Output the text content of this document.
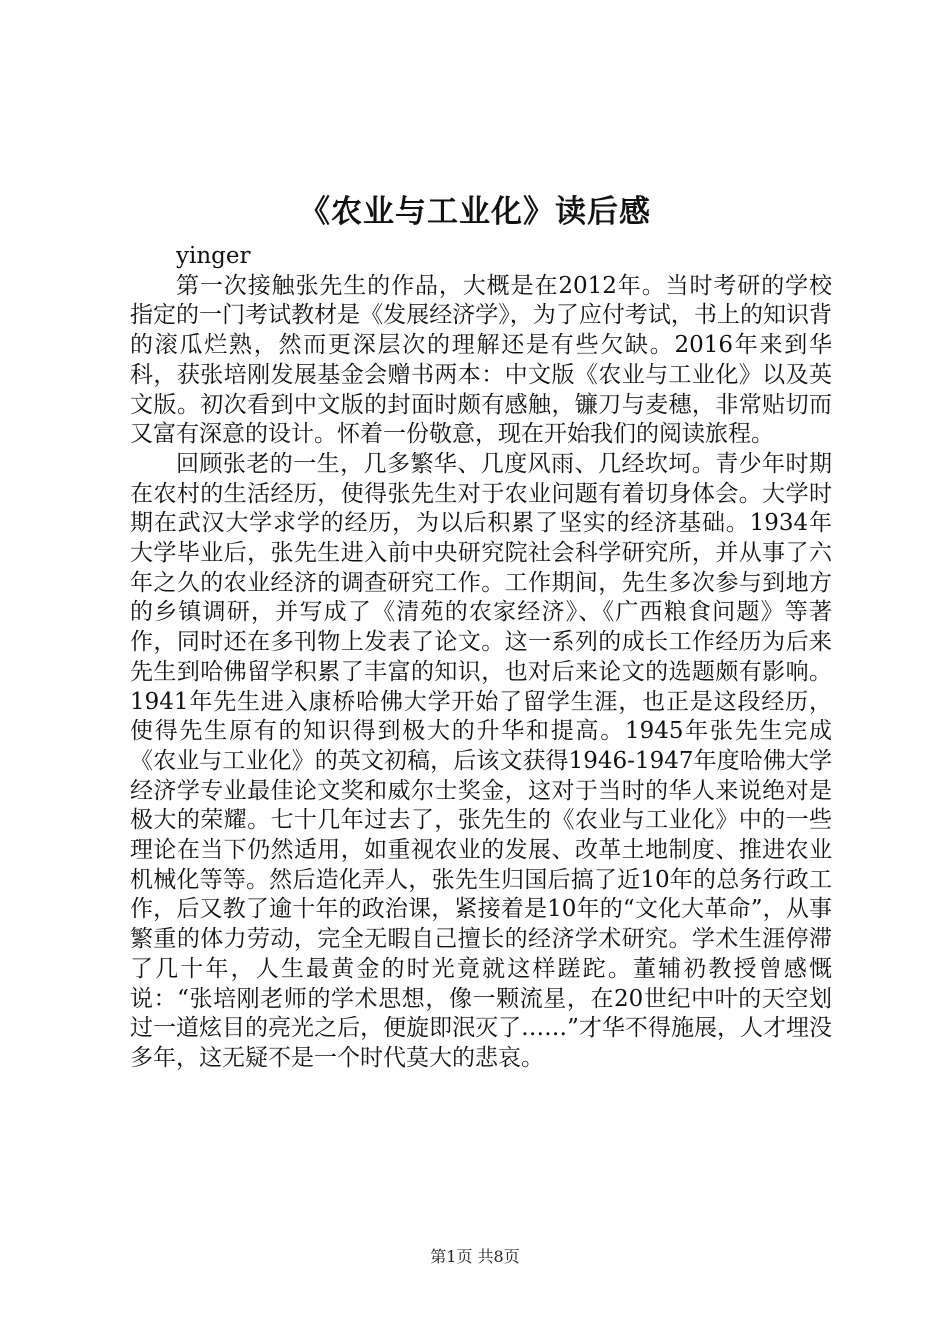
《农业与工业化》读后感

yinger

第一次接触张先生的作品，大概是在2012年。当时考研的学校指定的一门考试教材是《发展经济学》，为了应付考试，书上的知识背的滚瓜烂熟，然而更深层次的理解还是有些欠缺。2016年来到华科，获张培刚发展基金会赠书两本：中文版《农业与工业化》以及英文版。初次看到中文版的封面时颇有感触，镰刀与麦穗，非常贴切而又富有深意的设计。怀着一份敬意，现在开始我们的阅读旅程。

回顾张老的一生，几多繁华、几度风雨、几经坎坷。青少年时期在农村的生活经历，使得张先生对于农业问题有着切身体会。大学时期在武汉大学求学的经历，为以后积累了坚实的经济基础。1934年大学毕业后，张先生进入前中央研究院社会科学研究所，并从事了六年之久的农业经济的调查研究工作。工作期间，先生多次参与到地方的乡镇调研，并写成了《清苑的农家经济》、《广西粮食问题》等著作，同时还在多刊物上发表了论文。这一系列的成长工作经历为后来先生到哈佛留学积累了丰富的知识，也对后来论文的选题颇有影响。1941年先生进入康桥哈佛大学开始了留学生涯，也正是这段经历，使得先生原有的知识得到极大的升华和提高。1945年张先生完成《农业与工业化》的英文初稿，后该文获得1946-1947年度哈佛大学经济学专业最佳论文奖和威尔士奖金，这对于当时的华人来说绝对是极大的荣耀。七十几年过去了，张先生的《农业与工业化》中的一些理论在当下仍然适用，如重视农业的发展、改革土地制度、推进农业机械化等等。然后造化弄人，张先生归国后搞了近10年的总务行政工作，后又教了逾十年的政治课，紧接着是10年的“文化大革命”，从事繁重的体力劳动，完全无暇自己擅长的经济学术研究。学术生涯停滞了几十年，人生最黄金的时光竟就这样蹉跎。董辅礽教授曾感慨说：“张培刚老师的学术思想，像一颗流星，在20世纪中叶的天空划过一道炫目的亮光之后，便旋即泯灭了……”才华不得施展，人才埋没多年，这无疑不是一个时代莫大的悲哀。

第1页 共8页
